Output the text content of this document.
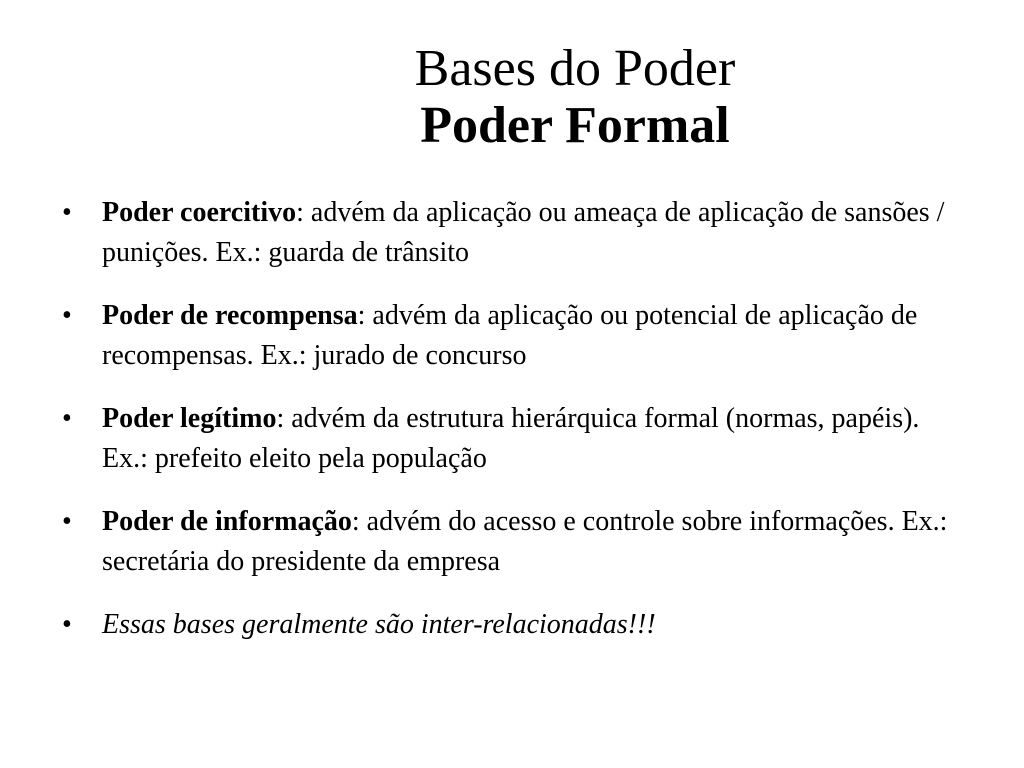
Bases do Poder
Poder Formal
•	Poder coercitivo: advém da aplicação ou ameaça de aplicação de sansões / punições. Ex.: guarda de trânsito
•	Poder de recompensa: advém da aplicação ou potencial de aplicação de recompensas. Ex.: jurado de concurso
•	Poder legítimo: advém da estrutura hierárquica formal (normas, papéis). Ex.: prefeito eleito pela população
•	Poder de informação: advém do acesso e controle sobre informações. Ex.: secretária do presidente da empresa
•	Essas bases geralmente são inter-relacionadas!!!
